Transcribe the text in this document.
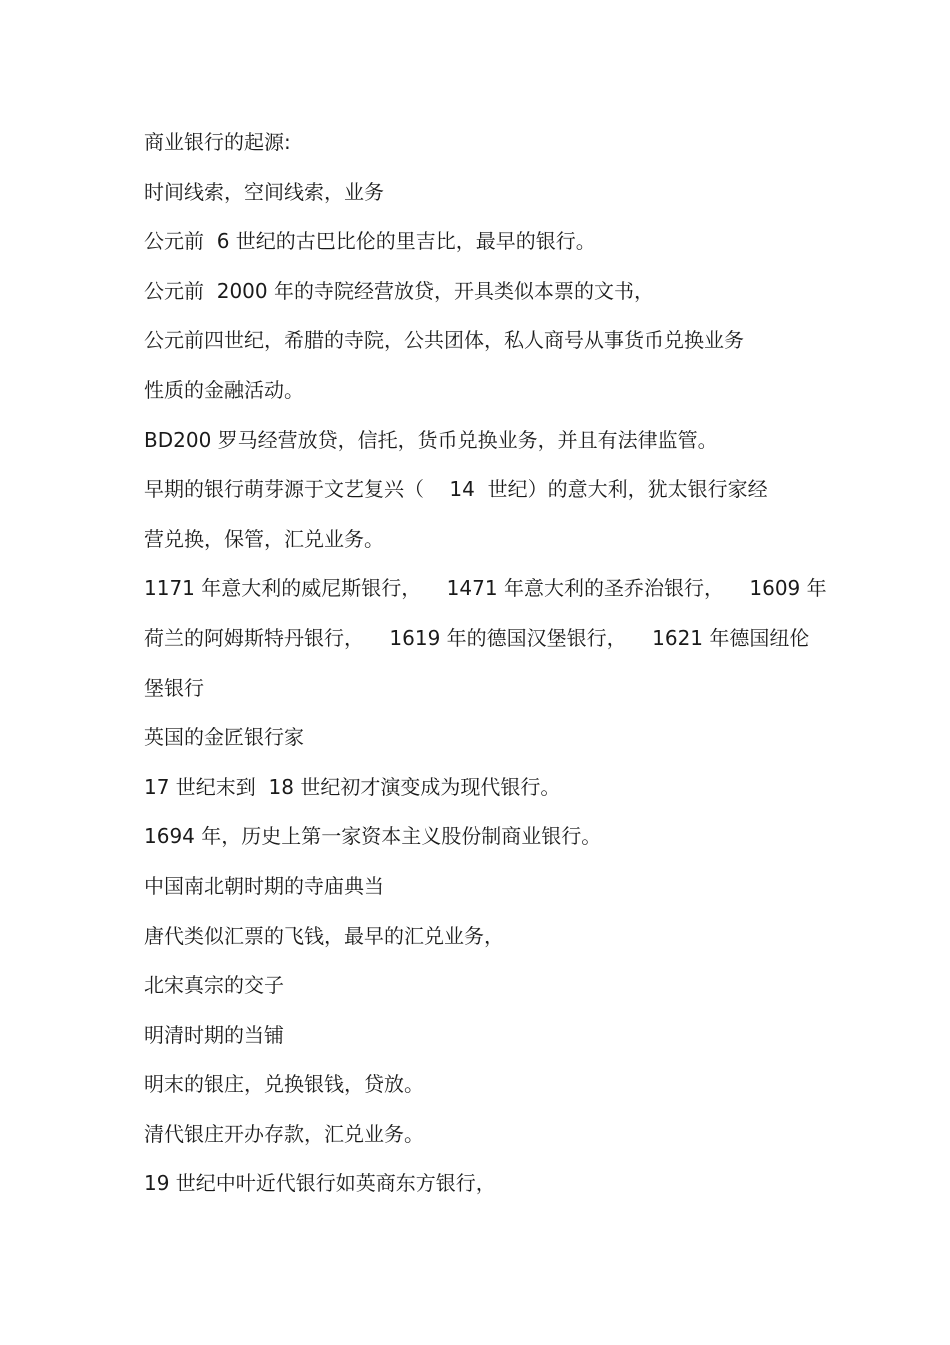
商业银行的起源:

时间线索，空间线索，业务

公元前  6 世纪的古巴比伦的里吉比，最早的银行。

公元前  2000 年的寺院经营放贷，开具类似本票的文书，

公元前四世纪，希腊的寺院，公共团体，私人商号从事货币兑换业务

性质的金融活动。

BD200 罗马经营放贷，信托，货币兑换业务，并且有法律监管。

早期的银行萌芽源于文艺复兴（    14  世纪）的意大利，犹太银行家经

营兑换，保管，汇兑业务。

1171 年意大利的威尼斯银行，    1471 年意大利的圣乔治银行，    1609 年

荷兰的阿姆斯特丹银行，    1619 年的德国汉堡银行，    1621 年德国纽伦

堡银行

英国的金匠银行家

17 世纪末到  18 世纪初才演变成为现代银行。

1694 年，历史上第一家资本主义股份制商业银行。

中国南北朝时期的寺庙典当

唐代类似汇票的飞钱，最早的汇兑业务，

北宋真宗的交子

明清时期的当铺

明末的银庄，兑换银钱，贷放。

清代银庄开办存款，汇兑业务。

19 世纪中叶近代银行如英商东方银行，
